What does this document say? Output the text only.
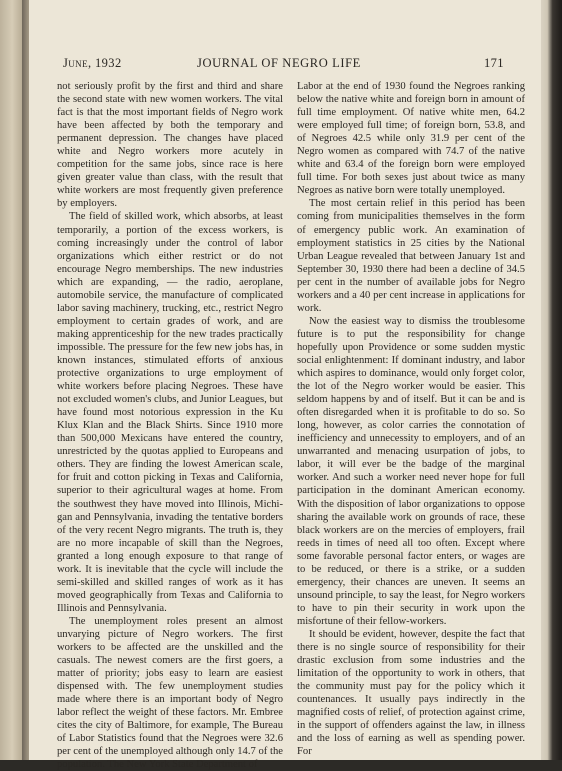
June, 1932	JOURNAL OF NEGRO LIFE	171

not seriously profit by the first and third and share the second state with new women workers. The vital fact is that the most important fields of Negro work have been affected by both the temporary and permanent depression. The changes have placed white and Negro workers more acutely in competition for the same jobs, since race is here given greater value than class, with the result that white workers are most frequently given preference by employers.

The field of skilled work, which absorbs, at least temporarily, a portion of the excess workers, is coming increasingly under the control of labor organizations which either restrict or do not encourage Negro memberships. The new industries which are expanding, — the radio, aeroplane, automobile service, the manufacture of complicated labor saving machinery, trucking, etc., restrict Negro employment to certain grades of work, and are making apprenticeship for the new trades practically impossible. The pressure for the few new jobs has, in known instances, stimulated efforts of anxious protective organizations to urge employment of white workers before placing Negroes. These have not excluded women's clubs, and Junior Leagues, but have found most notorious expression in the Ku Klux Klan and the Black Shirts. Since 1910 more than 500,000 Mexicans have entered the country, unrestricted by the quotas applied to Europeans and others. They are finding the lowest American scale, for fruit and cotton picking in Texas and California, superior to their agricultural wages at home. From the southwest they have moved into Illinois, Michigan and Pennsylvania, invading the tentative borders of the very recent Negro migrants. The truth is, they are no more incapable of skill than the Negroes, granted a long enough exposure to that range of work. It is inevitable that the cycle will include the semi-skilled and skilled ranges of work as it has moved geographically from Texas and California to Illinois and Pennsylvania.

The unemployment roles present an almost unvarying picture of Negro workers. The first workers to be affected are the unskilled and the casuals. The newest comers are the first goers, a matter of priority; jobs easy to learn are easiest dispensed with. The few unemployment studies made where there is an important body of Negro labor reflect the weight of these factors. Mr. Embree cites the city of Baltimore, for example, The Bureau of Labor Statistics found that the Negroes were 32.6 per cent of the unemployed although only 14.7 of the population. The New York State Department of

Labor at the end of 1930 found the Negroes ranking below the native white and foreign born in amount of full time employment. Of native white men, 64.2 were employed full time; of foreign born, 53.8, and of Negroes 42.5 while only 31.9 per cent of the Negro women as compared with 74.7 of the native white and 63.4 of the foreign born were employed full time. For both sexes just about twice as many Negroes as native born were totally unemployed.

The most certain relief in this period has been coming from municipalities themselves in the form of emergency public work. An examination of employment statistics in 25 cities by the National Urban League revealed that between January 1st and September 30, 1930 there had been a decline of 34.5 per cent in the number of available jobs for Negro workers and a 40 per cent increase in applications for work.

Now the easiest way to dismiss the troublesome future is to put the responsibility for change hopefully upon Providence or some sudden mystic social enlightenment: If dominant industry, and labor which aspires to dominance, would only forget color, the lot of the Negro worker would be easier. This seldom happens by and of itself. But it can be and is often disregarded when it is profitable to do so. So long, however, as color carries the connotation of inefficiency and unnecessity to employers, and of an unwarranted and menacing usurpation of jobs, to labor, it will ever be the badge of the marginal worker. And such a worker need never hope for full participation in the dominant American economy. With the disposition of labor organizations to oppose sharing the available work on grounds of race, these black workers are on the mercies of employers, frail reeds in times of need all too often. Except where some favorable personal factor enters, or wages are to be reduced, or there is a strike, or a sudden emergency, their chances are uneven. It seems an unsound principle, to say the least, for Negro workers to have to pin their security in work upon the misfortune of their fellow-workers.

It should be evident, however, despite the fact that there is no single source of responsibility for their drastic exclusion from some industries and the limitation of the opportunity to work in others, that the community must pay for the policy which it countenances. It usually pays indirectly in the magnified costs of relief, of protection against crime, in the support of offenders against the law, in illness and the loss of earning as well as spending power. For
